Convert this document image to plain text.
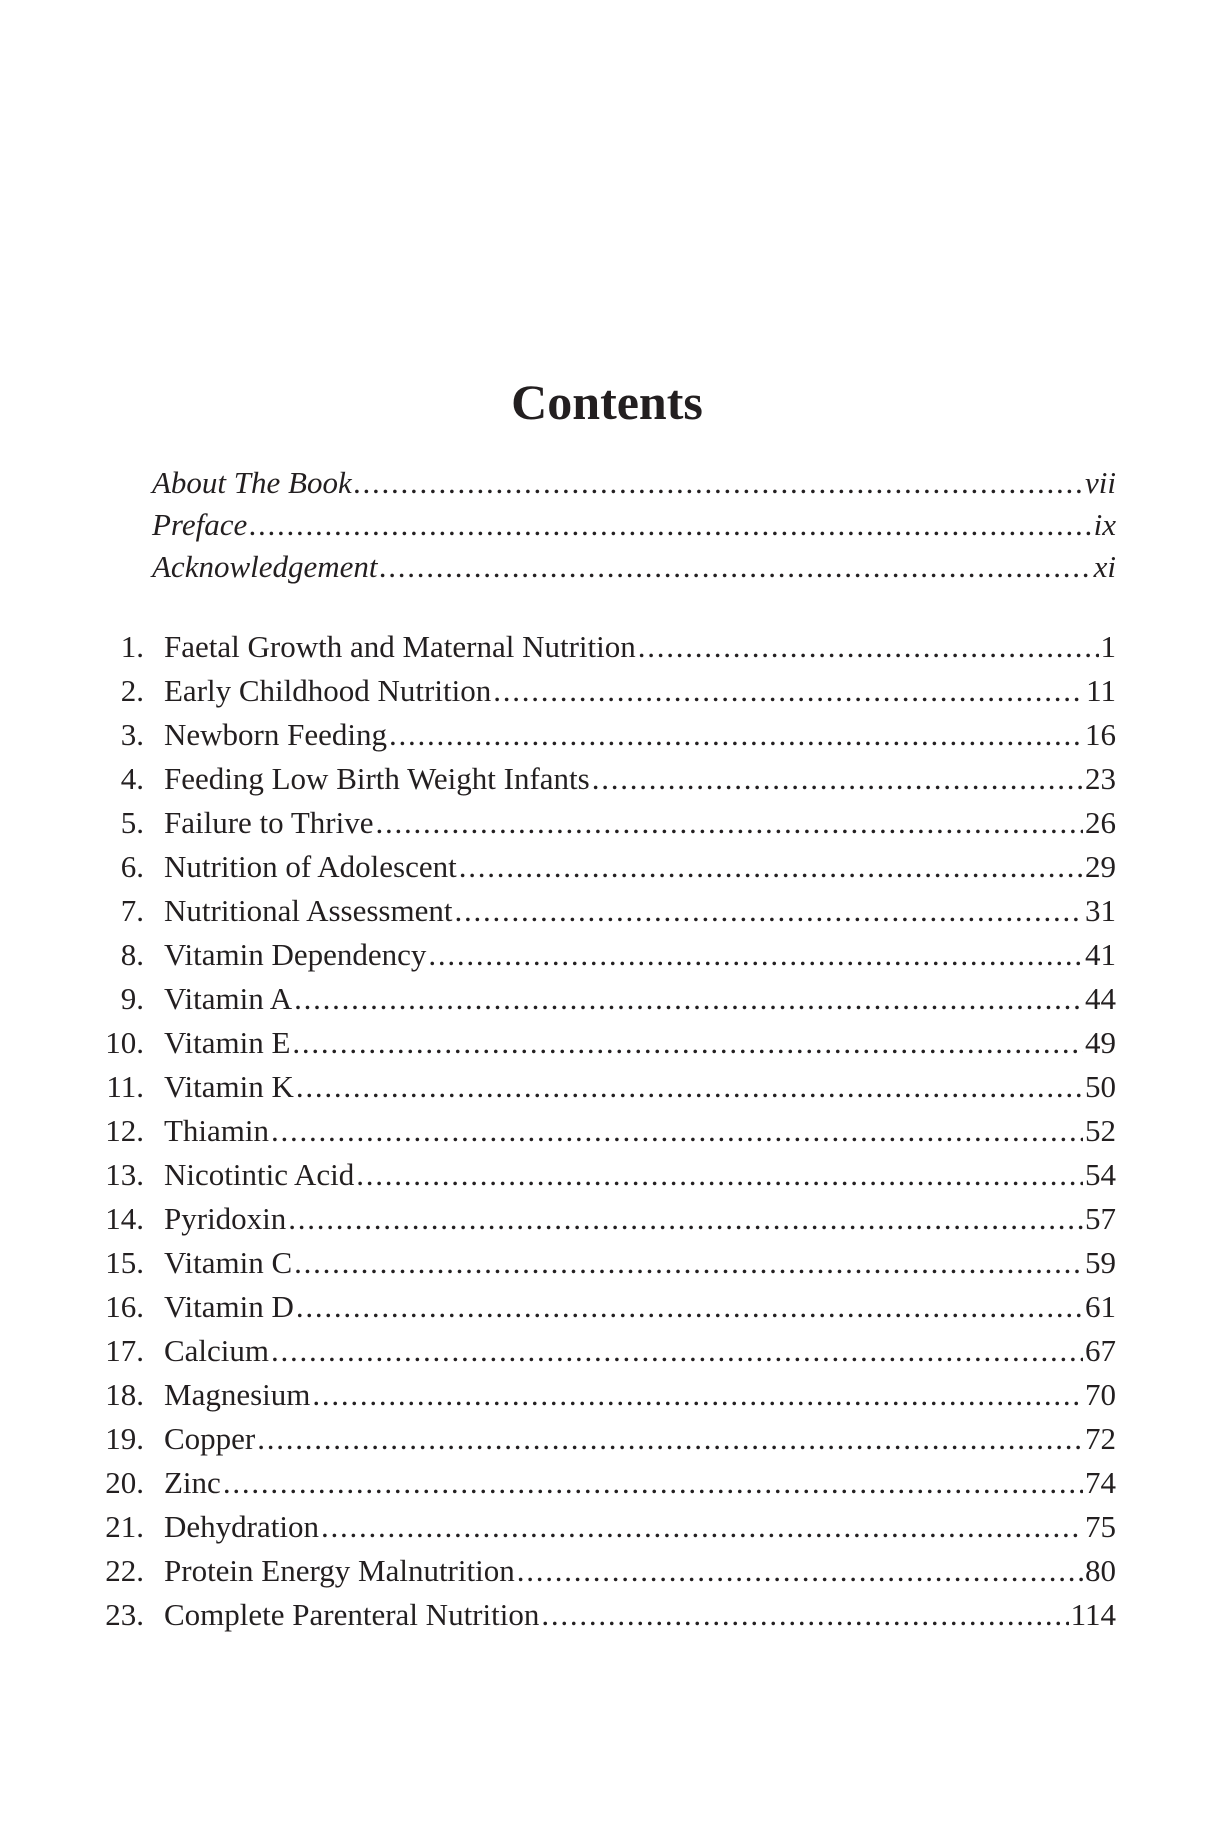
Contents
About The Book . . .	vii
Preface . . .	ix
Acknowledgement . . .	xi
1. Faetal Growth and Maternal Nutrition . . .	1
2. Early Childhood Nutrition . . .	11
3. Newborn Feeding . . .	16
4. Feeding Low Birth Weight Infants . . .	23
5. Failure to Thrive . . .	26
6. Nutrition of Adolescent . . .	29
7. Nutritional Assessment . . .	31
8. Vitamin Dependency . . .	41
9. Vitamin A . . .	44
10. Vitamin E . . .	49
11. Vitamin K . . .	50
12. Thiamin . . .	52
13. Nicotintic Acid . . .	54
14. Pyridoxin . . .	57
15. Vitamin C . . .	59
16. Vitamin D . . .	61
17. Calcium . . .	67
18. Magnesium . . .	70
19. Copper . . .	72
20. Zinc . . .	74
21. Dehydration . . .	75
22. Protein Energy Malnutrition . . .	80
23. Complete Parenteral Nutrition . . .	114
